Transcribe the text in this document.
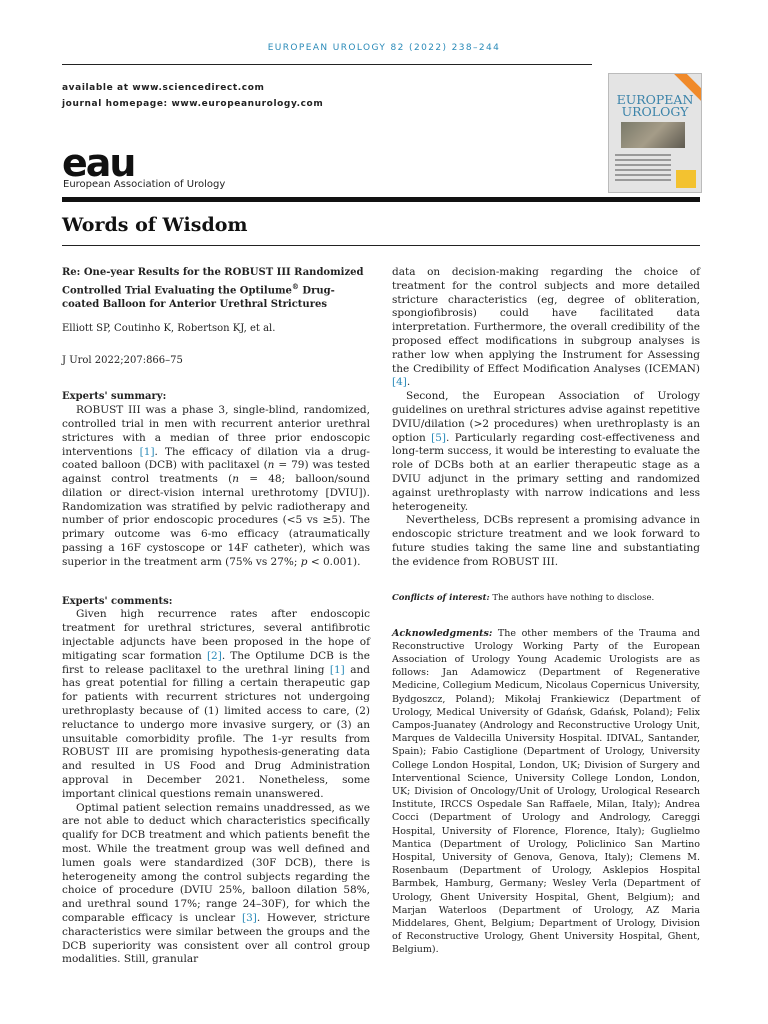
EUROPEAN UROLOGY 82 (2022) 238–244
available at www.sciencedirect.com
journal homepage: www.europeanurology.com
eau
European Association of Urology
EUROPEAN
UROLOGY
Words of Wisdom

Re: One-year Results for the ROBUST III Randomized Controlled Trial Evaluating the Optilume® Drug-coated Balloon for Anterior Urethral Strictures

Elliott SP, Coutinho K, Robertson KJ, et al.

J Urol 2022;207:866–75

Experts' summary:

ROBUST III was a phase 3, single-blind, randomized, controlled trial in men with recurrent anterior urethral strictures with a median of three prior endoscopic interventions [1]. The efficacy of dilation via a drug-coated balloon (DCB) with paclitaxel (n = 79) was tested against control treatments (n = 48; balloon/sound dilation or direct-vision internal urethrotomy [DVIU]). Randomization was stratified by pelvic radiotherapy and number of prior endoscopic procedures (<5 vs ≥5). The primary outcome was 6-mo efficacy (atraumatically passing a 16F cystoscope or 14F catheter), which was superior in the treatment arm (75% vs 27%; p < 0.001).

Experts' comments:

Given high recurrence rates after endoscopic treatment for urethral strictures, several antifibrotic injectable adjuncts have been proposed in the hope of mitigating scar formation [2]. The Optilume DCB is the first to release paclitaxel to the urethral lining [1] and has great potential for filling a certain therapeutic gap for patients with recurrent strictures not undergoing urethroplasty because of (1) limited access to care, (2) reluctance to undergo more invasive surgery, or (3) an unsuitable comorbidity profile. The 1-yr results from ROBUST III are promising hypothesis-generating data and resulted in US Food and Drug Administration approval in December 2021. Nonetheless, some important clinical questions remain unanswered.

Optimal patient selection remains unaddressed, as we are not able to deduct which characteristics specifically qualify for DCB treatment and which patients benefit the most. While the treatment group was well defined and lumen goals were standardized (30F DCB), there is heterogeneity among the control subjects regarding the choice of procedure (DVIU 25%, balloon dilation 58%, and urethral sound 17%; range 24–30F), for which the comparable efficacy is unclear [3]. However, stricture characteristics were similar between the groups and the DCB superiority was consistent over all control group modalities. Still, granular

data on decision-making regarding the choice of treatment for the control subjects and more detailed stricture characteristics (eg, degree of obliteration, spongiofibrosis) could have facilitated data interpretation. Furthermore, the overall credibility of the proposed effect modifications in subgroup analyses is rather low when applying the Instrument for Assessing the Credibility of Effect Modification Analyses (ICEMAN) [4].

Second, the European Association of Urology guidelines on urethral strictures advise against repetitive DVIU/dilation (>2 procedures) when urethroplasty is an option [5]. Particularly regarding cost-effectiveness and long-term success, it would be interesting to evaluate the role of DCBs both at an earlier therapeutic stage as a DVIU adjunct in the primary setting and randomized against urethroplasty with narrow indications and less heterogeneity.

Nevertheless, DCBs represent a promising advance in endoscopic stricture treatment and we look forward to future studies taking the same line and substantiating the evidence from ROBUST III.

Conflicts of interest: The authors have nothing to disclose.
Acknowledgments: The other members of the Trauma and Reconstructive Urology Working Party of the European Association of Urology Young Academic Urologists are as follows: Jan Adamowicz (Department of Regenerative Medicine, Collegium Medicum, Nicolaus Copernicus University, Bydgoszcz, Poland); Mikołaj Frankiewicz (Department of Urology, Medical University of Gdańsk, Gdańsk, Poland); Felix Campos-Juanatey (Andrology and Reconstructive Urology Unit, Marques de Valdecilla University Hospital. IDIVAL, Santander, Spain); Fabio Castiglione (Department of Urology, University College London Hospital, London, UK; Division of Surgery and Interventional Science, University College London, London, UK; Division of Oncology/Unit of Urology, Urological Research Institute, IRCCS Ospedale San Raffaele, Milan, Italy); Andrea Cocci (Department of Urology and Andrology, Careggi Hospital, University of Florence, Florence, Italy); Guglielmo Mantica (Department of Urology, Policlinico San Martino Hospital, University of Genova, Genova, Italy); Clemens M. Rosenbaum (Department of Urology, Asklepios Hospital Barmbek, Hamburg, Germany; Wesley Verla (Department of Urology, Ghent University Hospital, Ghent, Belgium); and Marjan Waterloos (Department of Urology, AZ Maria Middelares, Ghent, Belgium; Department of Urology, Division of Reconstructive Urology, Ghent University Hospital, Ghent, Belgium).
